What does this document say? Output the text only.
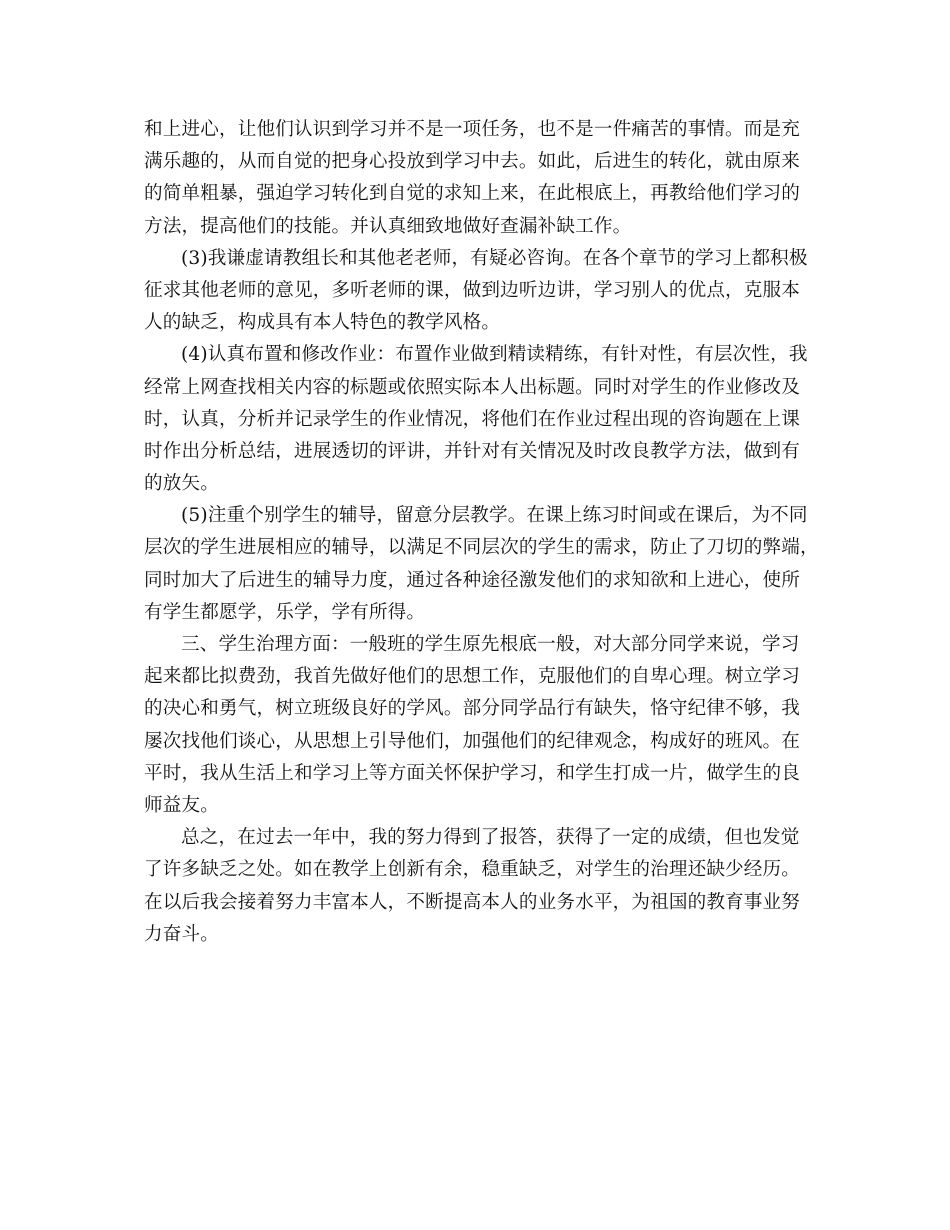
和上进心，让他们认识到学习并不是一项任务，也不是一件痛苦的事情。而是充
满乐趣的，从而自觉的把身心投放到学习中去。如此，后进生的转化，就由原来
的简单粗暴，强迫学习转化到自觉的求知上来，在此根底上，再教给他们学习的
方法，提高他们的技能。并认真细致地做好查漏补缺工作。

(3)我谦虚请教组长和其他老老师，有疑必咨询。在各个章节的学习上都积极
征求其他老师的意见，多听老师的课，做到边听边讲，学习别人的优点，克服本
人的缺乏，构成具有本人特色的教学风格。

(4)认真布置和修改作业：布置作业做到精读精练，有针对性，有层次性，我
经常上网查找相关内容的标题或依照实际本人出标题。同时对学生的作业修改及
时，认真，分析并记录学生的作业情况，将他们在作业过程出现的咨询题在上课
时作出分析总结，进展透切的评讲，并针对有关情况及时改良教学方法，做到有
的放矢。

(5)注重个别学生的辅导，留意分层教学。在课上练习时间或在课后，为不同
层次的学生进展相应的辅导，以满足不同层次的学生的需求，防止了刀切的弊端，
同时加大了后进生的辅导力度，通过各种途径激发他们的求知欲和上进心，使所
有学生都愿学，乐学，学有所得。

三、学生治理方面：一般班的学生原先根底一般，对大部分同学来说，学习
起来都比拟费劲，我首先做好他们的思想工作，克服他们的自卑心理。树立学习
的决心和勇气，树立班级良好的学风。部分同学品行有缺失，恪守纪律不够，我
屡次找他们谈心，从思想上引导他们，加强他们的纪律观念，构成好的班风。在
平时，我从生活上和学习上等方面关怀保护学习，和学生打成一片，做学生的良
师益友。

总之，在过去一年中，我的努力得到了报答，获得了一定的成绩，但也发觉
了许多缺乏之处。如在教学上创新有余，稳重缺乏，对学生的治理还缺少经历。
在以后我会接着努力丰富本人，不断提高本人的业务水平，为祖国的教育事业努
力奋斗。
